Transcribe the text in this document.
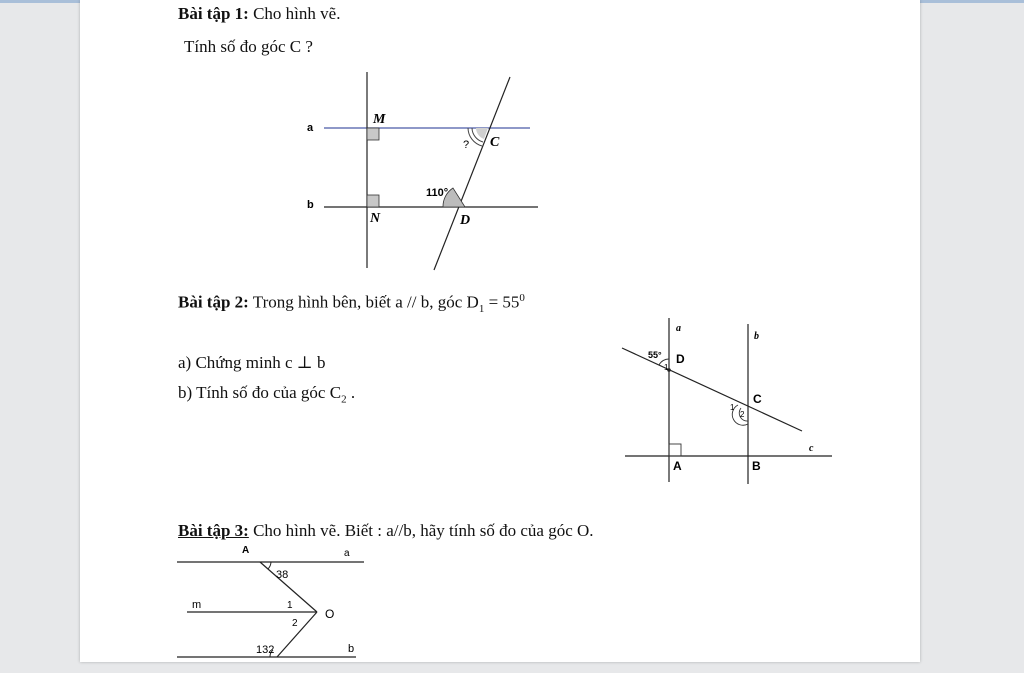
Bài tập 1: Cho hình vẽ.
Tính số đo góc C ?
a
b
M
N
C
D
?
110°
Bài tập 2: Trong hình bên, biết a // b, góc $D_1 = 55^0$
a) Chứng minh c ⊥ b
b) Tính số đo của góc $C_2$ .
a
b
c
D
C
A	B
55°
1
1
2
Bài tập 3: Cho hình vẽ. Biết : a//b, hãy tính số đo của góc O.
A	a
38
m	1
2
O
132	b
